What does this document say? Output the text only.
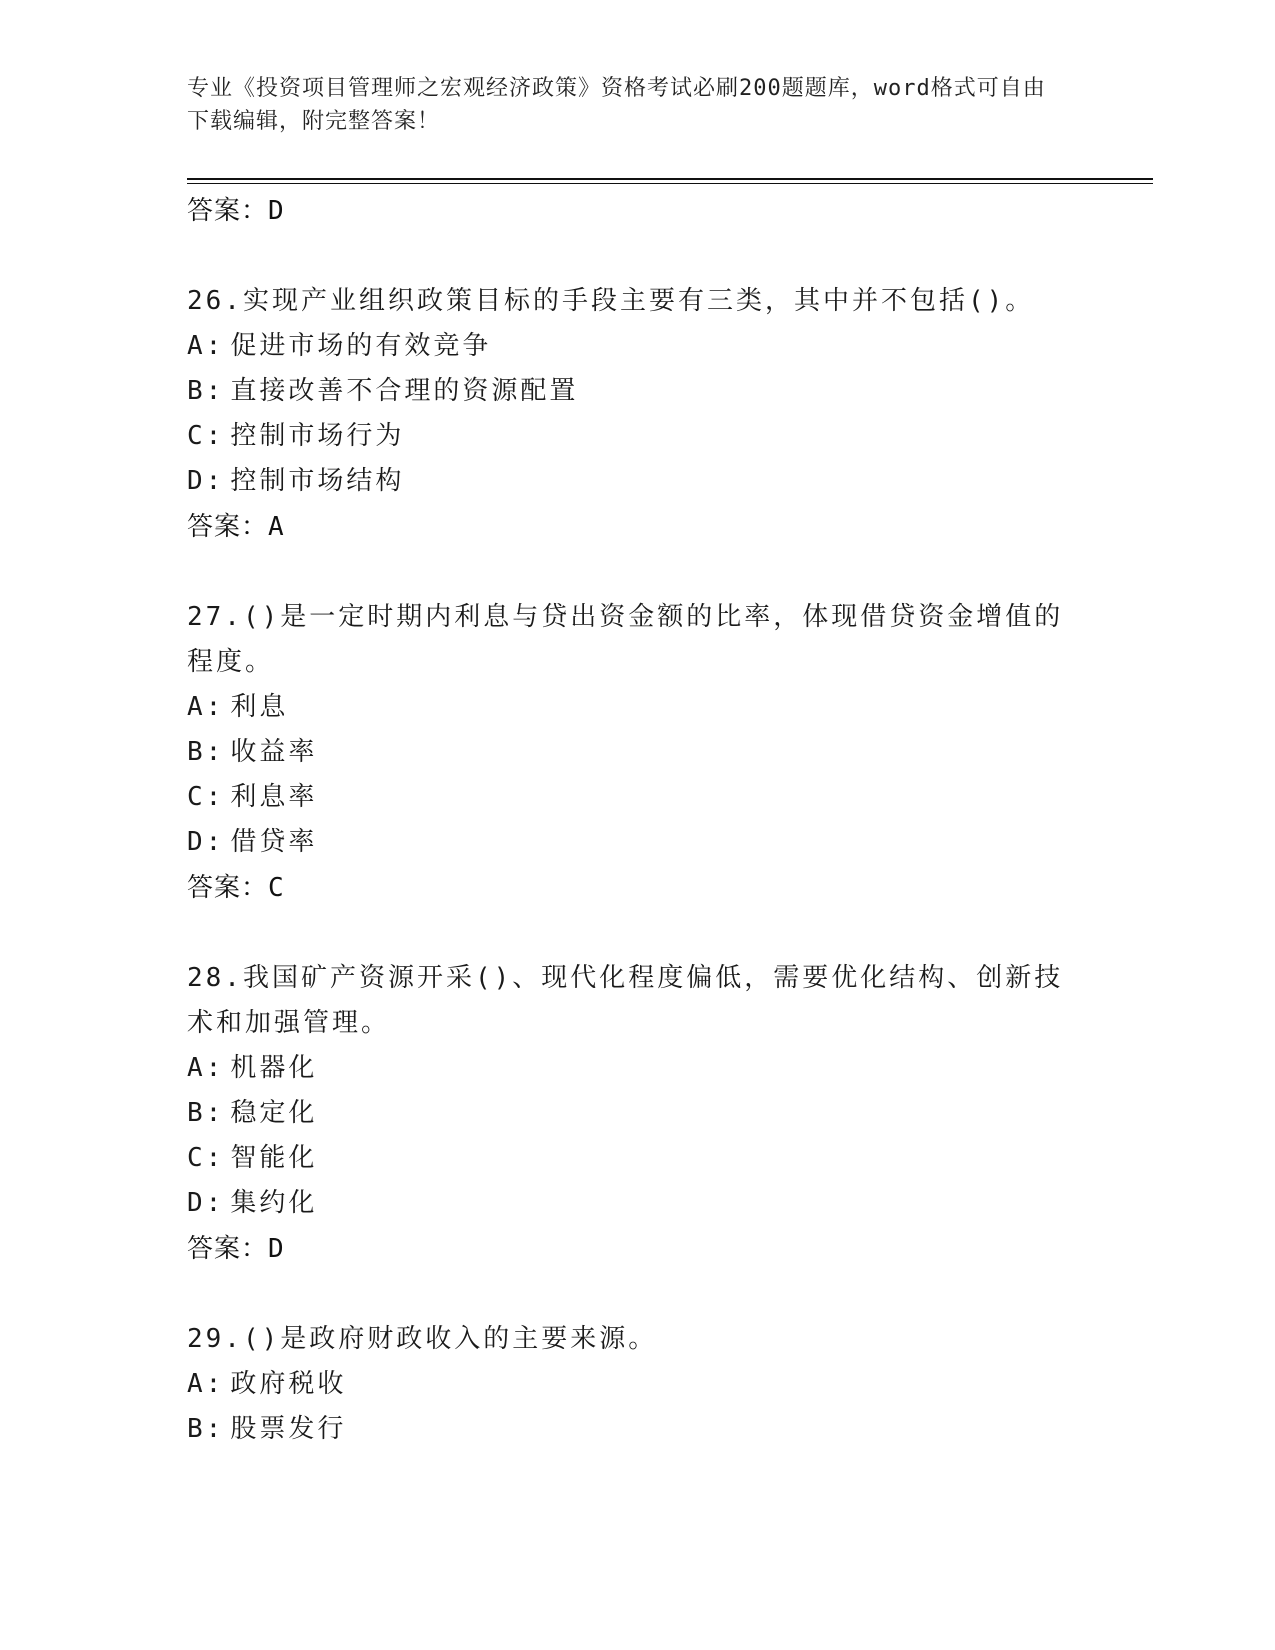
专业《投资项目管理师之宏观经济政策》资格考试必刷200题题库，word格式可自由下载编辑，附完整答案！
答案：D
26.实现产业组织政策目标的手段主要有三类，其中并不包括()。
A: 促进市场的有效竞争
B: 直接改善不合理的资源配置
C: 控制市场行为
D: 控制市场结构
答案：A
27.()是一定时期内利息与贷出资金额的比率，体现借贷资金增值的程度。
A: 利息
B: 收益率
C: 利息率
D: 借贷率
答案：C
28.我国矿产资源开采()、现代化程度偏低，需要优化结构、创新技术和加强管理。
A: 机器化
B: 稳定化
C: 智能化
D: 集约化
答案：D
29.()是政府财政收入的主要来源。
A: 政府税收
B: 股票发行
